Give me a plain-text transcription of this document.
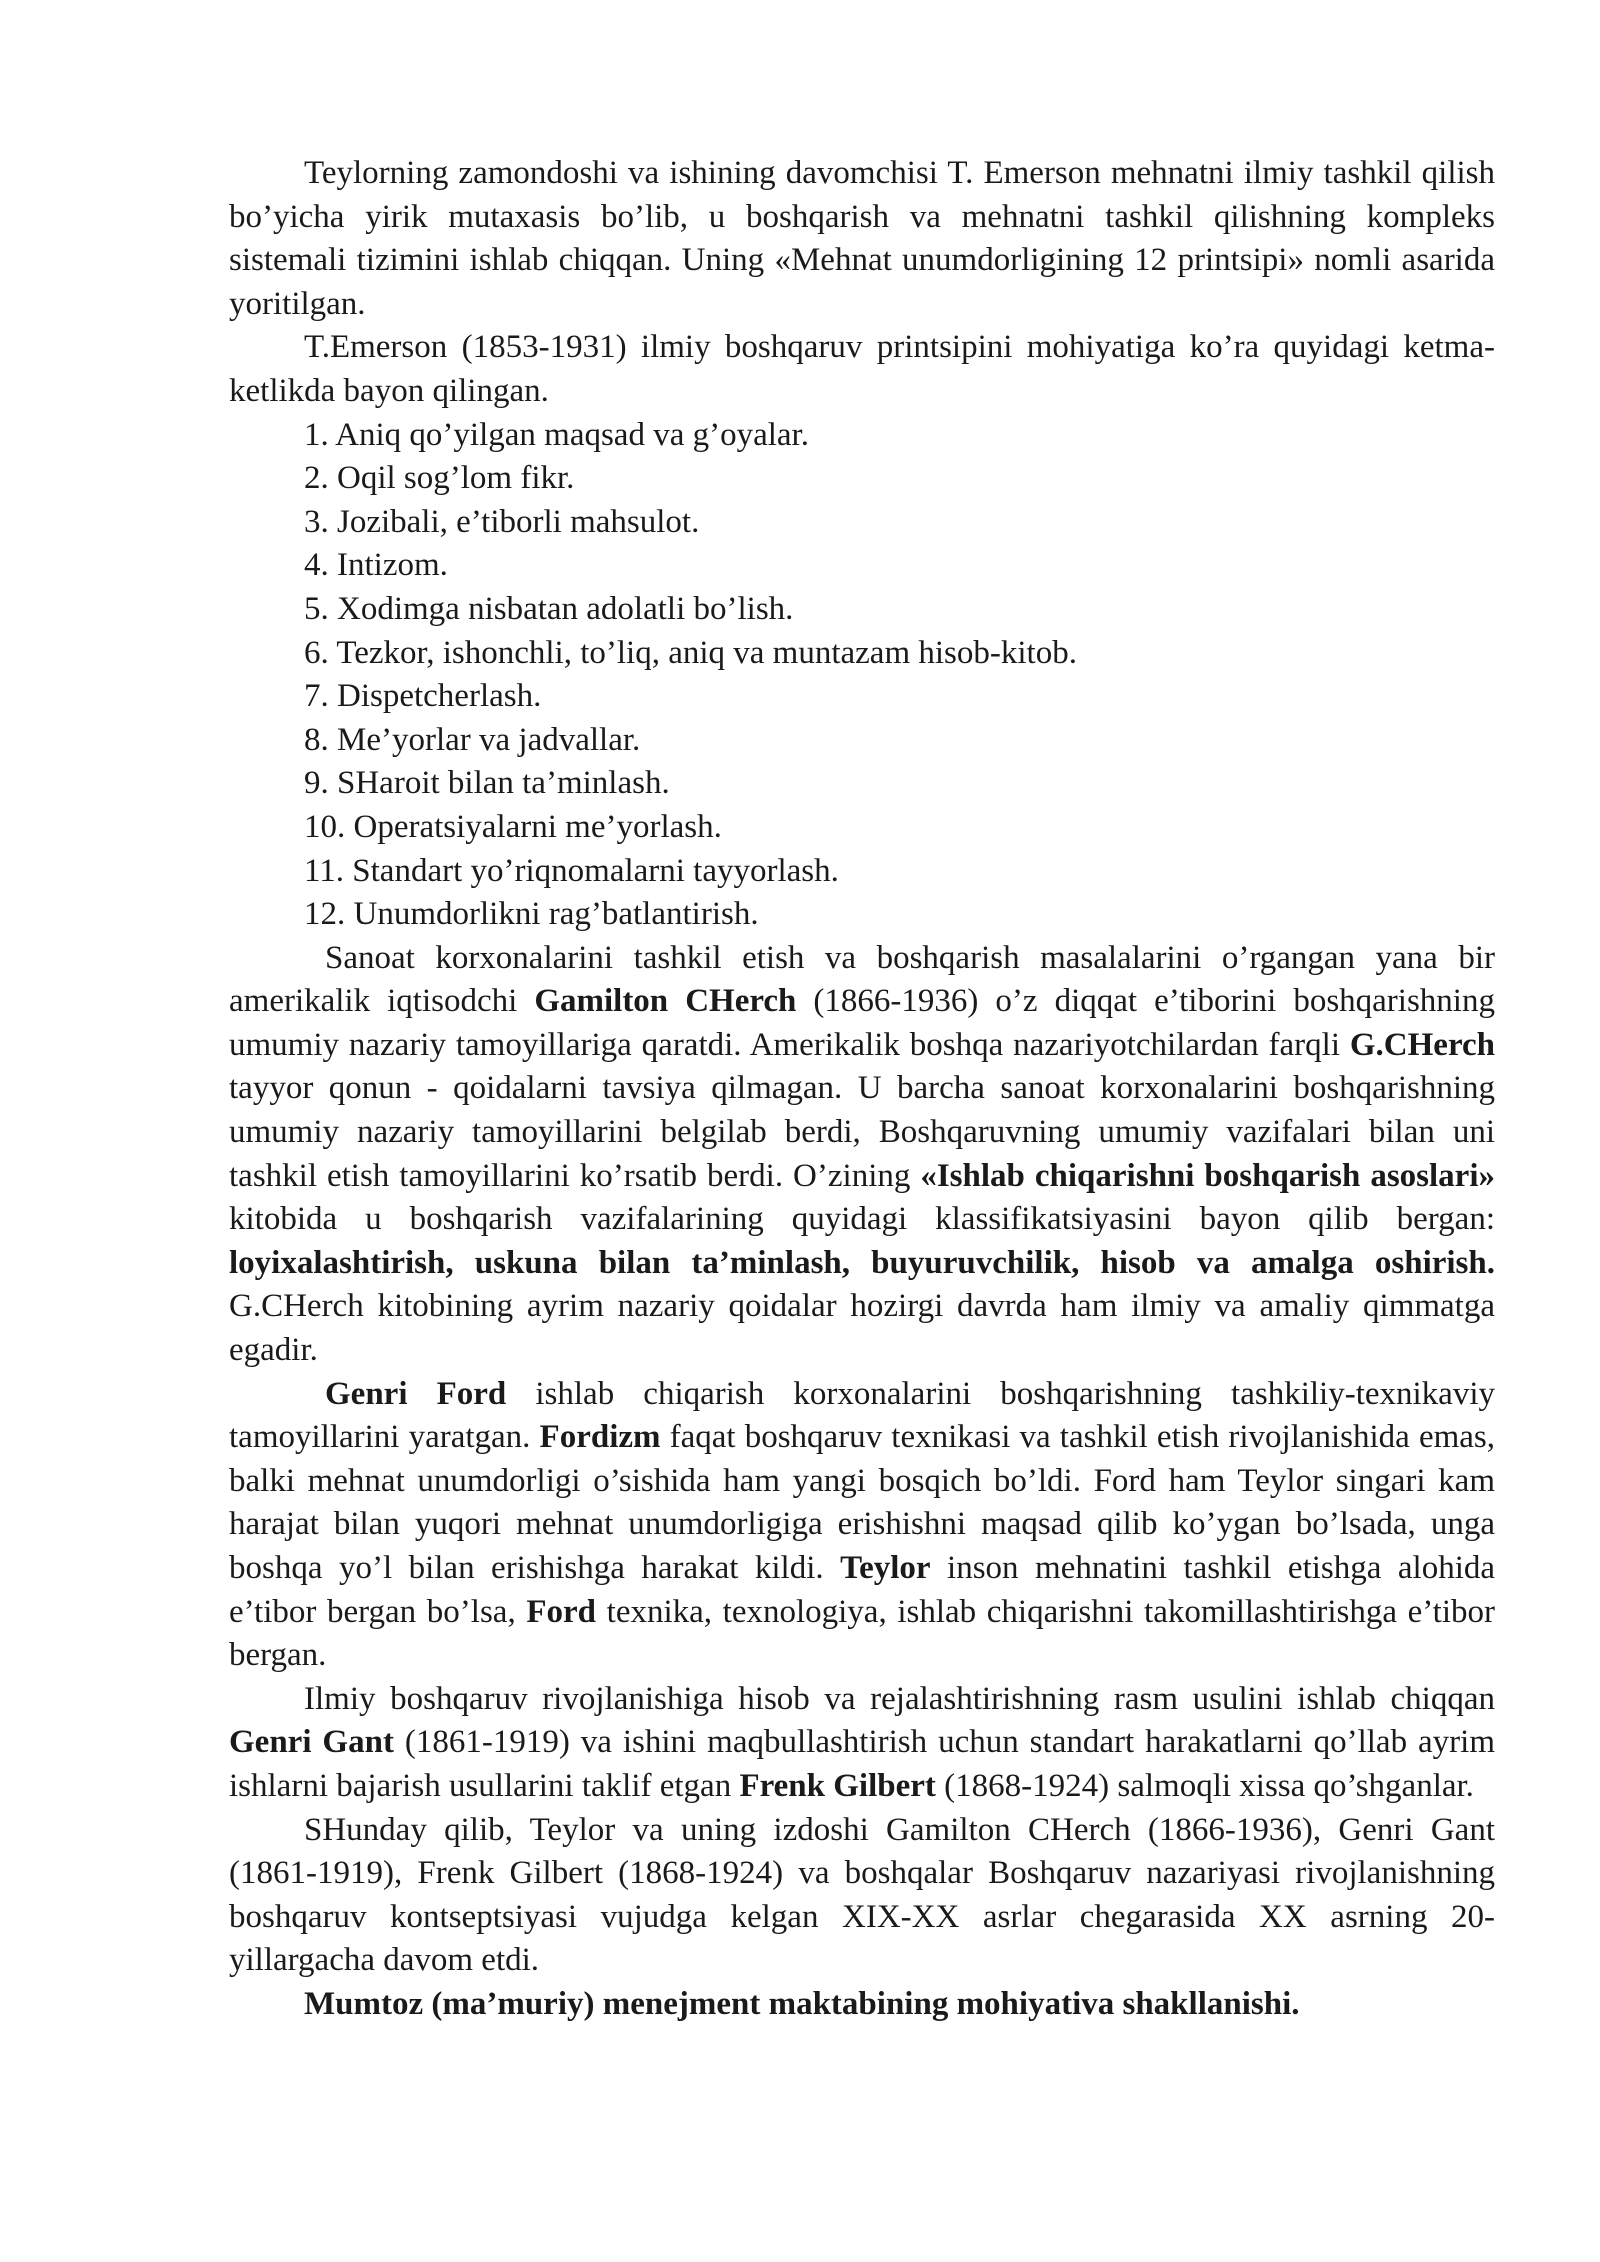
Teylorning zamondoshi va ishining davomchisi T. Emerson mehnatni ilmiy tashkil qilish bo’yicha yirik mutaxasis bo’lib, u boshqarish va mehnatni tashkil qilishning kompleks sistemali tizimini ishlab chiqqan. Uning «Mehnat unumdorligining 12 printsipi» nomli asarida yoritilgan.

T.Emerson (1853-1931) ilmiy boshqaruv printsipini mohiyatiga ko’ra quyidagi ketma-ketlikda bayon qilingan.

1. Aniq qo’yilgan maqsad va g’oyalar.
2. Oqil sog’lom fikr.
3. Jozibali, e’tiborli mahsulot.
4. Intizom.
5. Xodimga nisbatan adolatli bo’lish.
6. Tezkor, ishonchli, to’liq, aniq va muntazam hisob-kitob.
7. Dispetcherlash.
8. Me’yorlar va jadvallar.
9. SHaroit bilan ta’minlash.
10. Operatsiyalarni me’yorlash.
11. Standart yo’riqnomalarni tayyorlash.
12. Unumdorlikni rag’batlantirish.

Sanoat korxonalarini tashkil etish va boshqarish masalalarini o’rgangan yana bir amerikalik iqtisodchi Gamilton CHerch (1866-1936) o’z diqqat e’tiborini boshqarishning umumiy nazariy tamoyillariga qaratdi. Amerikalik boshqa nazariyotchilardan farqli G.CHerch tayyor qonun - qoidalarni tavsiya qilmagan. U barcha sanoat korxonalarini boshqarishning umumiy nazariy tamoyillarini belgilab berdi, Boshqaruvning umumiy vazifalari bilan uni tashkil etish tamoyillarini ko’rsatib berdi. O’zining «Ishlab chiqarishni boshqarish asoslari» kitobida u boshqarish vazifalarining quyidagi klassifikatsiyasini bayon qilib bergan: loyixalashtirish, uskuna bilan ta’minlash, buyuruvchilik, hisob va amalga oshirish. G.CHerch kitobining ayrim nazariy qoidalar hozirgi davrda ham ilmiy va amaliy qimmatga egadir.

Genri Ford ishlab chiqarish korxonalarini boshqarishning tashkiliy-texnikaviy tamoyillarini yaratgan. Fordizm faqat boshqaruv texnikasi va tashkil etish rivojlanishida emas, balki mehnat unumdorligi o’sishida ham yangi bosqich bo’ldi. Ford ham Teylor singari kam harajat bilan yuqori mehnat unumdorligiga erishishni maqsad qilib ko’ygan bo’lsada, unga boshqa yo’l bilan erishishga harakat kildi. Teylor inson mehnatini tashkil etishga alohida e’tibor bergan bo’lsa, Ford texnika, texnologiya, ishlab chiqarishni takomillashtirishga e’tibor bergan.

Ilmiy boshqaruv rivojlanishiga hisob va rejalashtirishning rasm usulini ishlab chiqqan Genri Gant (1861-1919) va ishini maqbullashtirish uchun standart harakatlarni qo’llab ayrim ishlarni bajarish usullarini taklif etgan Frenk Gilbert (1868-1924) salmoqli xissa qo’shganlar.

SHunday qilib, Teylor va uning izdoshi Gamilton CHerch (1866-1936), Genri Gant (1861-1919), Frenk Gilbert (1868-1924) va boshqalar Boshqaruv nazariyasi rivojlanishning boshqaruv kontseptsiyasi vujudga kelgan XIX-XX asrlar chegarasida XX asrning 20-yillargacha davom etdi.

Mumtoz (ma’muriy) menejment maktabining mohiyativa shakllanishi.
